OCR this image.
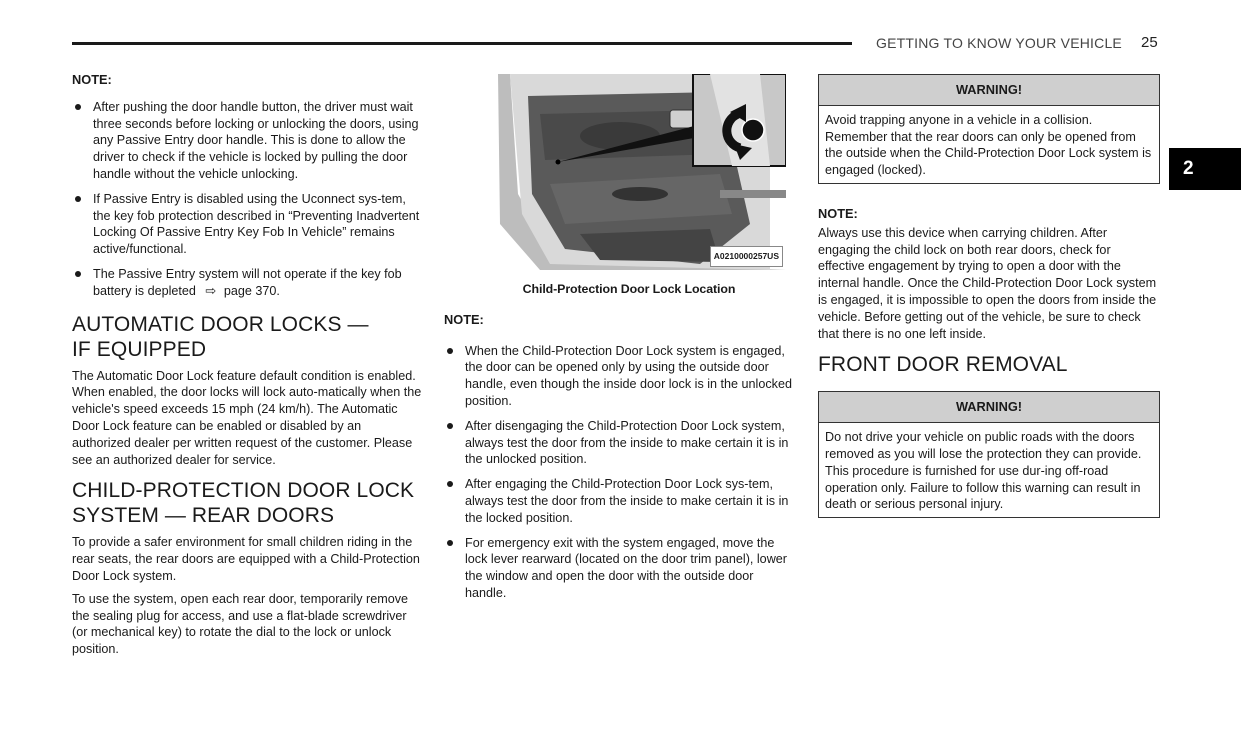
GETTING TO KNOW YOUR VEHICLE 25
2
NOTE:
After pushing the door handle button, the driver must wait three seconds before locking or unlocking the doors, using any Passive Entry door handle. This is done to allow the driver to check if the vehicle is locked by pulling the door handle without the vehicle unlocking.
If Passive Entry is disabled using the Uconnect sys-tem, the key fob protection described in “Preventing Inadvertent Locking Of Passive Entry Key Fob In Vehicle” remains active/functional.
The Passive Entry system will not operate if the key fob battery is depleted ⇨ page 370.
AUTOMATIC DOOR LOCKS —
IF EQUIPPED

The Automatic Door Lock feature default condition is enabled. When enabled, the door locks will lock auto-matically when the vehicle's speed exceeds 15 mph (24 km/h). The Automatic Door Lock feature can be enabled or disabled by an authorized dealer per written request of the customer. Please see an authorized dealer for service.

CHILD-PROTECTION DOOR LOCK
SYSTEM — REAR DOORS

To provide a safer environment for small children riding in the rear seats, the rear doors are equipped with a Child-Protection Door Lock system.

To use the system, open each rear door, temporarily remove the sealing plug for access, and use a flat-blade screwdriver (or mechanical key) to rotate the dial to the lock or unlock position.

A0210000257US
Child-Protection Door Lock Location
NOTE:
When the Child-Protection Door Lock system is engaged, the door can be opened only by using the outside door handle, even though the inside door lock is in the unlocked position.
After disengaging the Child-Protection Door Lock system, always test the door from the inside to make certain it is in the unlocked position.
After engaging the Child-Protection Door Lock sys-tem, always test the door from the inside to make certain it is in the locked position.
For emergency exit with the system engaged, move the lock lever rearward (located on the door trim panel), lower the window and open the door with the outside door handle.
WARNING!
Avoid trapping anyone in a vehicle in a collision. Remember that the rear doors can only be opened from the outside when the Child-Protection Door Lock system is engaged (locked).
NOTE:

Always use this device when carrying children. After engaging the child lock on both rear doors, check for effective engagement by trying to open a door with the internal handle. Once the Child-Protection Door Lock system is engaged, it is impossible to open the doors from inside the vehicle. Before getting out of the vehicle, be sure to check that there is no one left inside.

FRONT DOOR REMOVAL
WARNING!
Do not drive your vehicle on public roads with the doors removed as you will lose the protection they can provide. This procedure is furnished for use dur-ing off-road operation only. Failure to follow this warning can result in death or serious personal injury.
